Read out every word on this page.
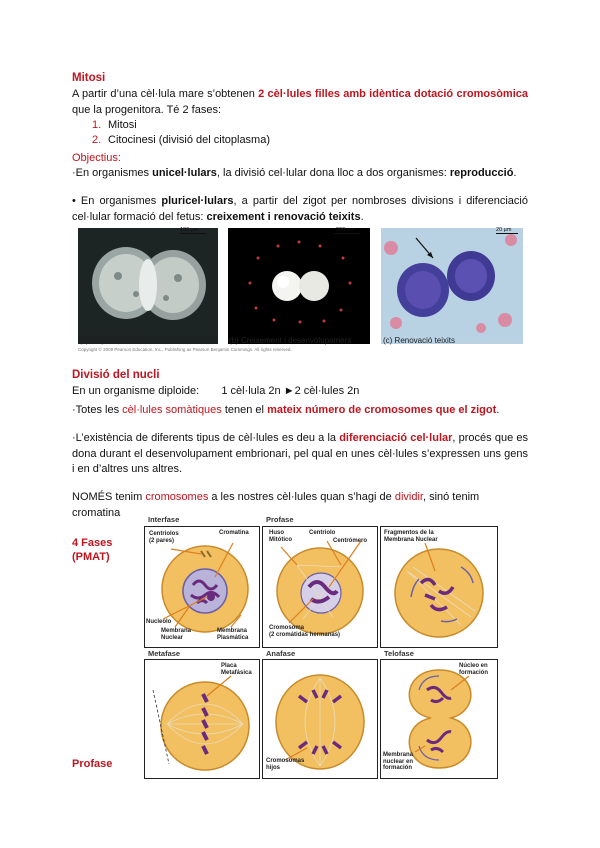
Mitosi
A partir d’una cèl·lula mare s’obtenen 2 cèl·lules filles amb idèntica dotació cromosòmica que la progenitora. Té 2 fases:
1. Mitosi
2. Citocinesi (divisió del citoplasma)
Objectius:
·En organismes unicel·lulars, la divisió cel·lular dona lloc a dos organismes: reproducció.
• En organismes pluricel·lulars, a partir del zigot per nombroses divisions i diferenciació cel·lular formació del fetus: creixement i renovació teixits.
100 µm	200 µm	20 µm
(a) Reproducció	(b) Creixement i desenvolupament	(c) Renovació teixits
Copyright © 2009 Pearson Education, Inc., Publishing as Pearson Benjamin Cummings. All rights reserved.
Divisió del nucli
En un organisme diploide: 1 cèl·lula 2n ►2 cèl·lules 2n
·Totes les cèl·lules somàtiques tenen el mateix número de cromosomes que el zigot.
·L’existència de diferents tipus de cèl·lules es deu a la diferenciació cel·lular, procés que es dona durant el desenvolupament embrionari, pel qual en unes cèl·lules s’expressen uns gens i en d’altres uns altres.
NOMÉS tenim cromosomes a les nostres cèl·lules quan s’hagi de dividir, sinó tenim cromatina
4 Fases
(PMAT)
Profase
Interfase
Centriolos
(2 pares)
Cromatina
Nucleolo
Membrana
Nuclear
Membrana
Plasmática
Profase
Huso
Mitótico
Centriolo
Centrómero
Cromosoma
(2 cromátidas hermanas)
Fragmentos de la
Membrana Nuclear
Metafase
Placa
Metafásica
Anafase
Cromosomas
hijos
Telofase
Núcleo en
formación
Membrana
nuclear en
formación
